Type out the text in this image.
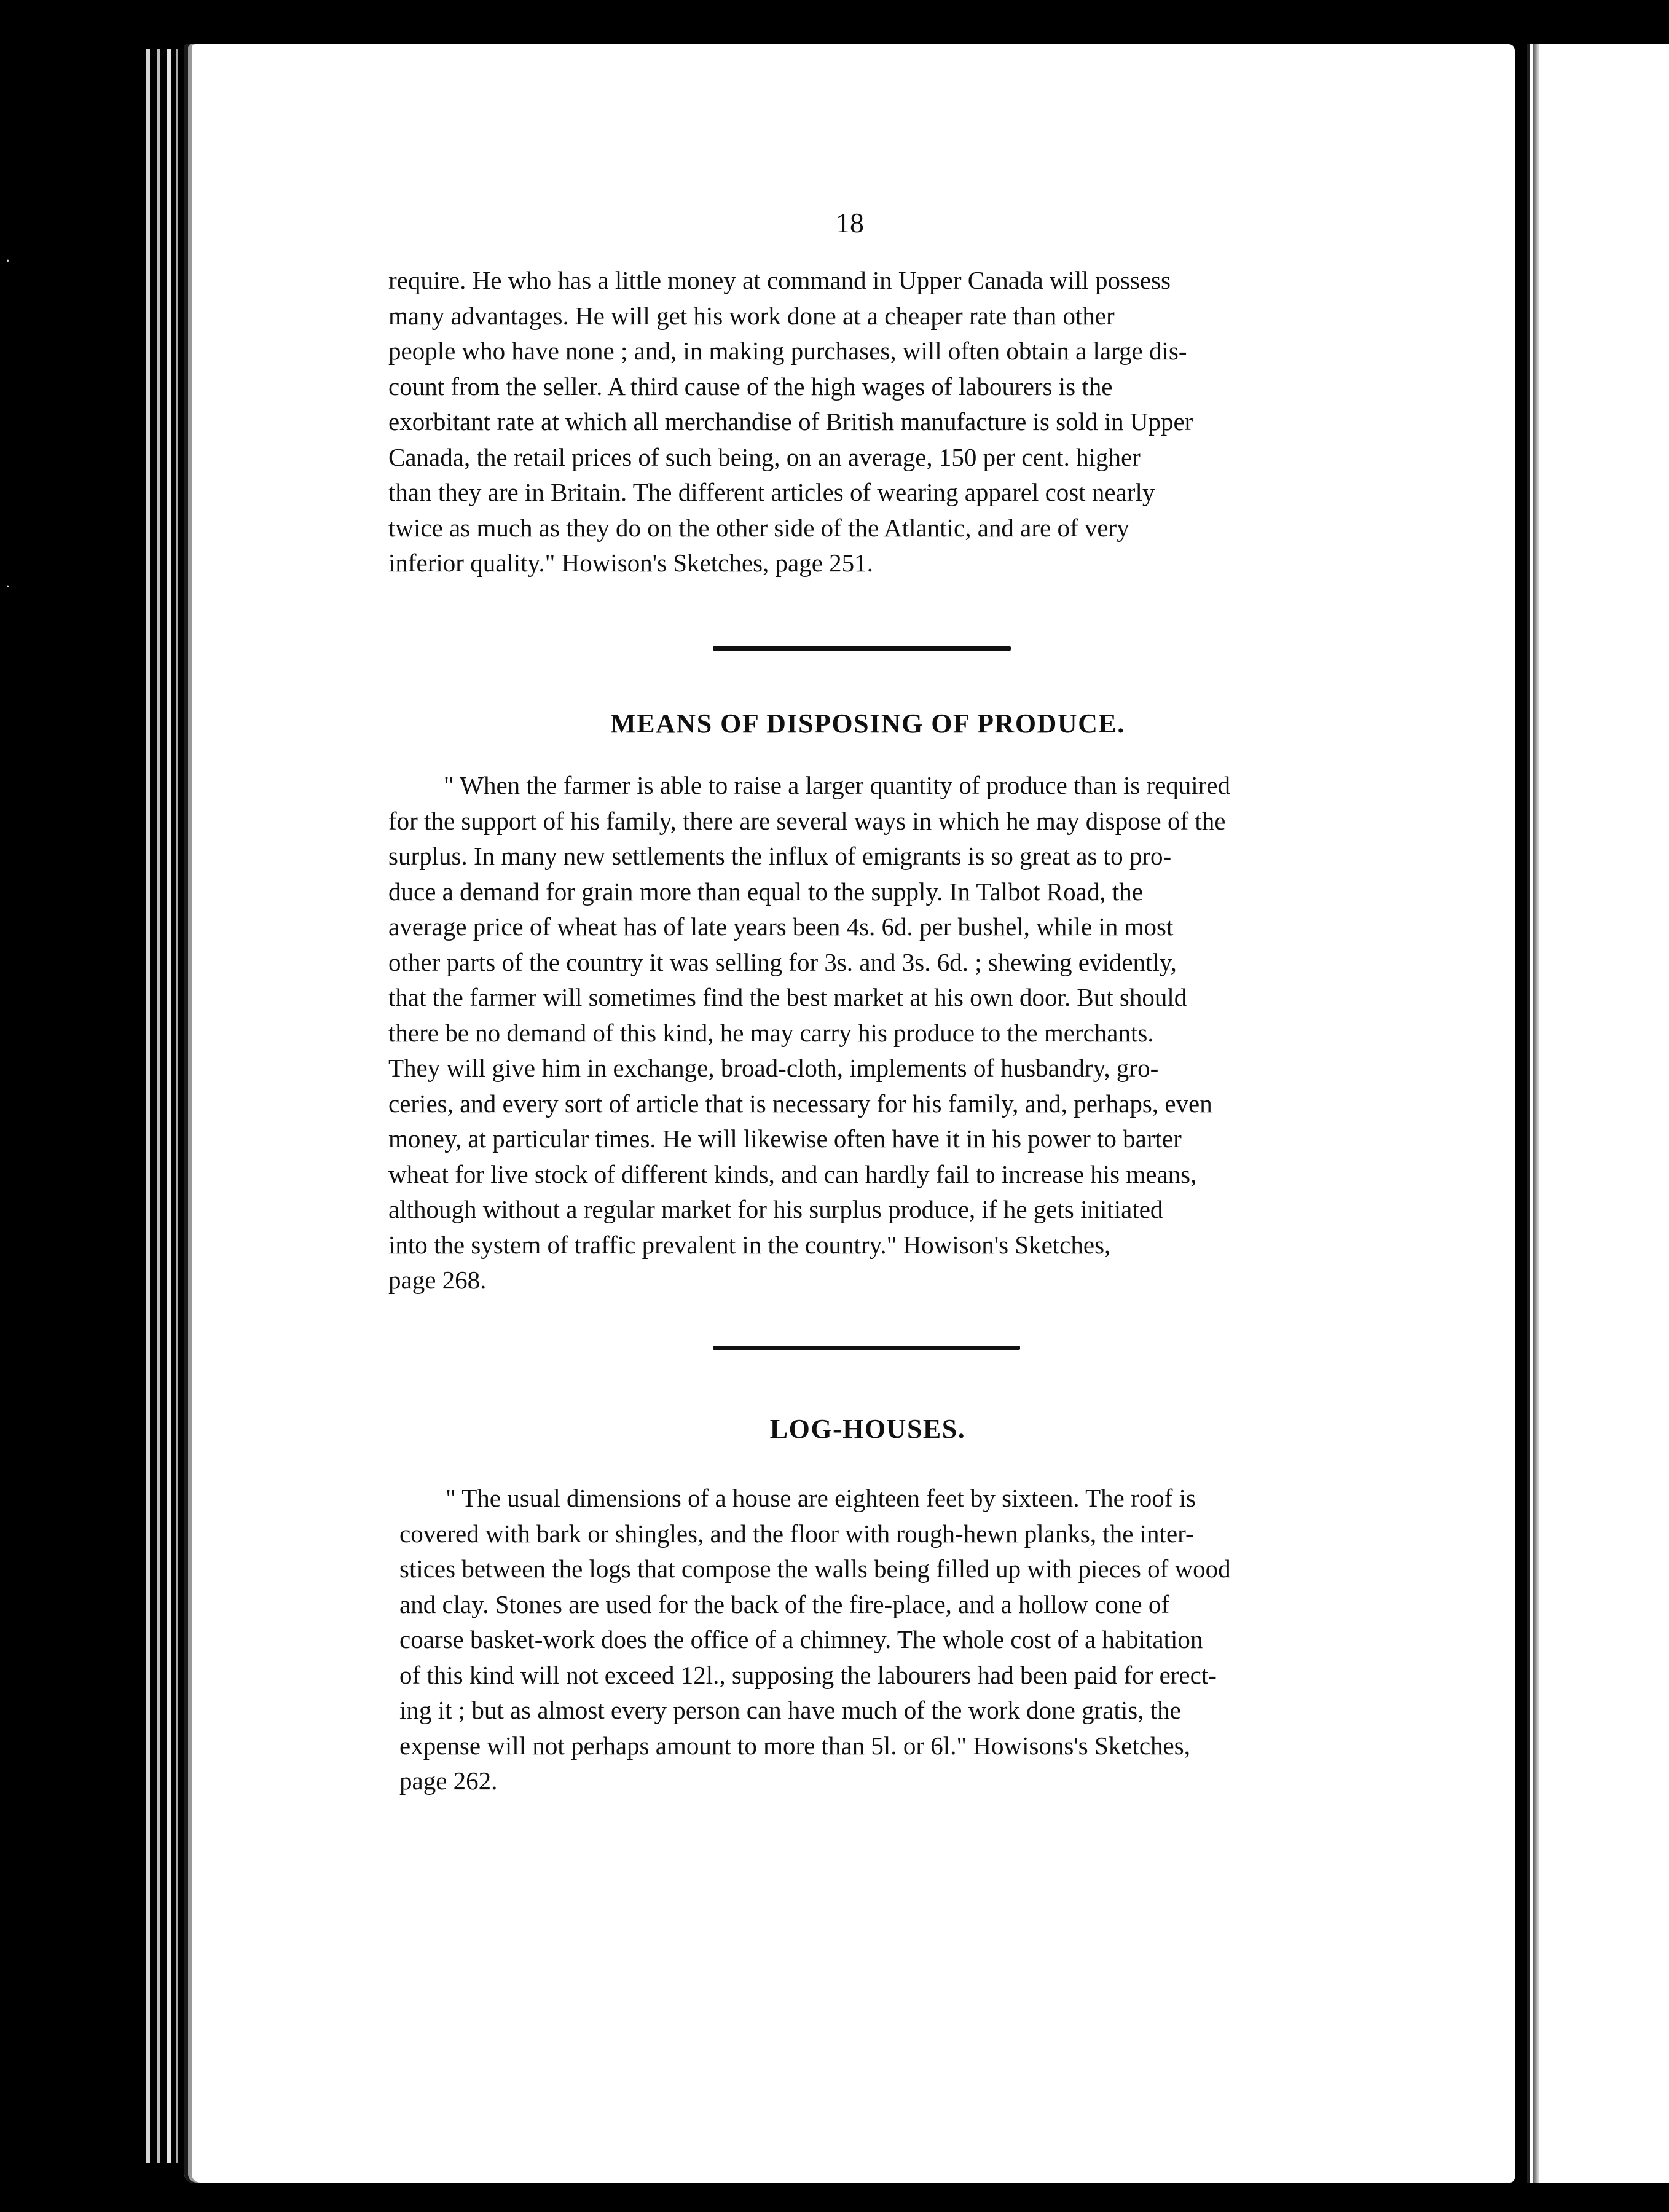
·
·
18
require. He who has a little money at command in Upper Canada will possess
many advantages. He will get his work done at a cheaper rate than other
people who have none ; and, in making purchases, will often obtain a large dis-
count from the seller. A third cause of the high wages of labourers is the
exorbitant rate at which all merchandise of British manufacture is sold in Upper
Canada, the retail prices of such being, on an average, 150 per cent. higher
than they are in Britain. The different articles of wearing apparel cost nearly
twice as much as they do on the other side of the Atlantic, and are of very
inferior quality." Howison's Sketches, page 251.
MEANS OF DISPOSING OF PRODUCE.
" When the farmer is able to raise a larger quantity of produce than is required
for the support of his family, there are several ways in which he may dispose of the
surplus. In many new settlements the influx of emigrants is so great as to pro-
duce a demand for grain more than equal to the supply. In Talbot Road, the
average price of wheat has of late years been 4s. 6d. per bushel, while in most
other parts of the country it was selling for 3s. and 3s. 6d. ; shewing evidently,
that the farmer will sometimes find the best market at his own door. But should
there be no demand of this kind, he may carry his produce to the merchants.
They will give him in exchange, broad-cloth, implements of husbandry, gro-
ceries, and every sort of article that is necessary for his family, and, perhaps, even
money, at particular times. He will likewise often have it in his power to barter
wheat for live stock of different kinds, and can hardly fail to increase his means,
although without a regular market for his surplus produce, if he gets initiated
into the system of traffic prevalent in the country." Howison's Sketches,
page 268.
LOG-HOUSES.
" The usual dimensions of a house are eighteen feet by sixteen. The roof is
covered with bark or shingles, and the floor with rough-hewn planks, the inter-
stices between the logs that compose the walls being filled up with pieces of wood
and clay. Stones are used for the back of the fire-place, and a hollow cone of
coarse basket-work does the office of a chimney. The whole cost of a habitation
of this kind will not exceed 12l., supposing the labourers had been paid for erect-
ing it ; but as almost every person can have much of the work done gratis, the
expense will not perhaps amount to more than 5l. or 6l." Howisons's Sketches,
page 262.
